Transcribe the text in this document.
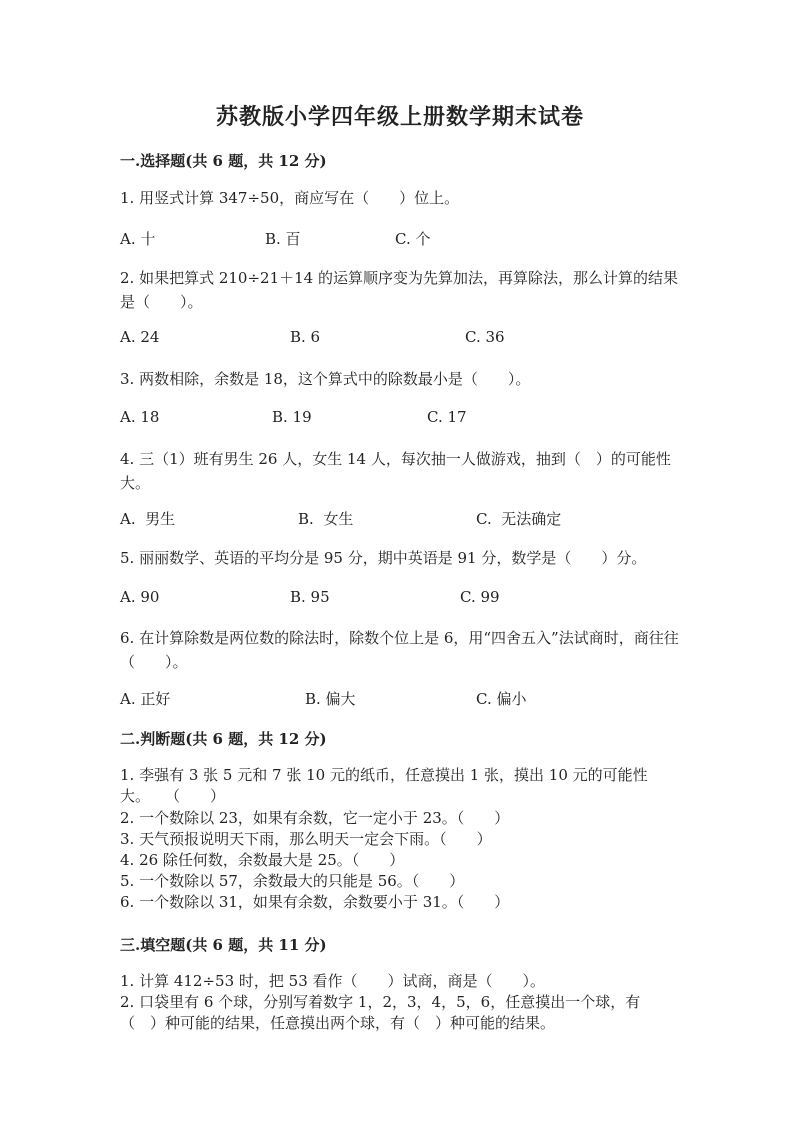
苏教版小学四年级上册数学期末试卷
一.选择题(共 6 题，共 12 分)
1. 用竖式计算 347÷50，商应写在（　　）位上。
A. 十	B. 百	C. 个
2. 如果把算式 210÷21＋14 的运算顺序变为先算加法，再算除法，那么计算的结果是（　　）。
A. 24	B. 6	C. 36
3. 两数相除，余数是 18，这个算式中的除数最小是（　　）。
A. 18	B. 19	C. 17
4. 三（1）班有男生 26 人，女生 14 人，每次抽一人做游戏，抽到（　）的可能性大。
A.  男生	B.  女生	C.  无法确定
5. 丽丽数学、英语的平均分是 95 分，期中英语是 91 分，数学是（　　）分。
A. 90	B. 95	C. 99
6. 在计算除数是两位数的除法时，除数个位上是 6，用“四舍五入”法试商时，商往往（　　）。
A. 正好	B. 偏大	C. 偏小
二.判断题(共 6 题，共 12 分)
1. 李强有 3 张 5 元和 7 张 10 元的纸币，任意摸出 1 张，摸出 10 元的可能性
大。　　（　　）
2. 一个数除以 23，如果有余数，它一定小于 23。（　　）
3. 天气预报说明天下雨，那么明天一定会下雨。（　　）
4. 26 除任何数，余数最大是 25。（　　）
5. 一个数除以 57，余数最大的只能是 56。（　　）
6. 一个数除以 31，如果有余数，余数要小于 31。（　　）
三.填空题(共 6 题，共 11 分)
1. 计算 412÷53 时，把 53 看作（　　）试商，商是（　　）。
2. 口袋里有 6 个球，分别写着数字 1，2，3，4，5，6，任意摸出一个球，有
（　）种可能的结果，任意摸出两个球，有（　）种可能的结果。
